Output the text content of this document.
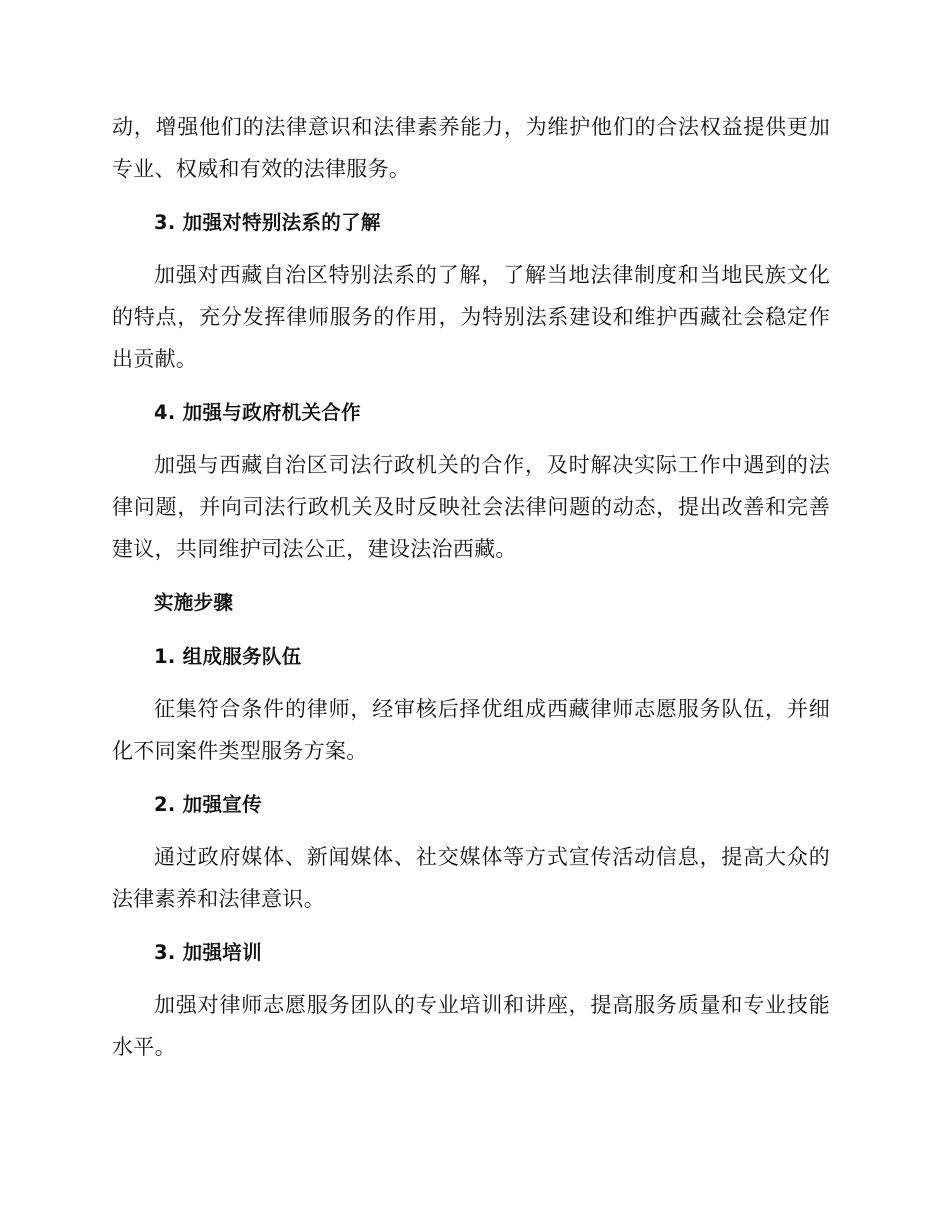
动，增强他们的法律意识和法律素养能力，为维护他们的合法权益提供更加专业、权威和有效的法律服务。

3. 加强对特别法系的了解

加强对西藏自治区特别法系的了解，了解当地法律制度和当地民族文化的特点，充分发挥律师服务的作用，为特别法系建设和维护西藏社会稳定作出贡献。

4. 加强与政府机关合作

加强与西藏自治区司法行政机关的合作，及时解决实际工作中遇到的法律问题，并向司法行政机关及时反映社会法律问题的动态，提出改善和完善建议，共同维护司法公正，建设法治西藏。

实施步骤
1. 组成服务队伍

征集符合条件的律师，经审核后择优组成西藏律师志愿服务队伍，并细化不同案件类型服务方案。

2. 加强宣传

通过政府媒体、新闻媒体、社交媒体等方式宣传活动信息，提高大众的法律素养和法律意识。

3. 加强培训

加强对律师志愿服务团队的专业培训和讲座，提高服务质量和专业技能水平。
